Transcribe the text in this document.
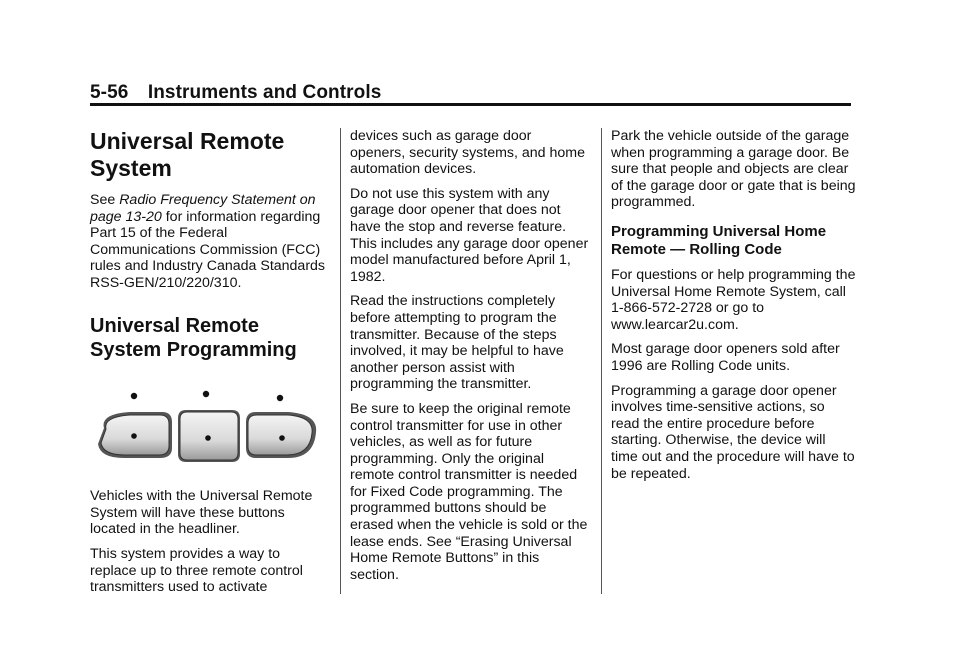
5-56 Instruments and Controls
Universal Remote System

See Radio Frequency Statement on page 13-20 for information regarding Part 15 of the Federal Communications Commission (FCC) rules and Industry Canada Standards RSS-GEN/210/220/310.

Universal Remote System Programming

Vehicles with the Universal Remote System will have these buttons located in the headliner.

This system provides a way to replace up to three remote control transmitters used to activate

devices such as garage door openers, security systems, and home automation devices.

Do not use this system with any garage door opener that does not have the stop and reverse feature. This includes any garage door opener model manufactured before April 1, 1982.

Read the instructions completely before attempting to program the transmitter. Because of the steps involved, it may be helpful to have another person assist with programming the transmitter.

Be sure to keep the original remote control transmitter for use in other vehicles, as well as for future programming. Only the original remote control transmitter is needed for Fixed Code programming. The programmed buttons should be erased when the vehicle is sold or the lease ends. See “Erasing Universal Home Remote Buttons” in this section.

Park the vehicle outside of the garage when programming a garage door. Be sure that people and objects are clear of the garage door or gate that is being programmed.

Programming Universal Home Remote — Rolling Code

For questions or help programming the Universal Home Remote System, call 1-866-572-2728 or go to www.learcar2u.com.

Most garage door openers sold after 1996 are Rolling Code units.

Programming a garage door opener involves time-sensitive actions, so read the entire procedure before starting. Otherwise, the device will time out and the procedure will have to be repeated.
